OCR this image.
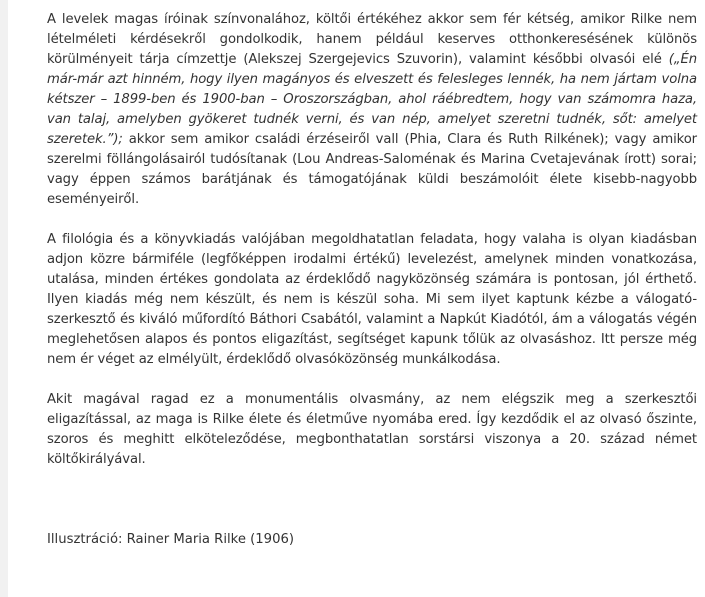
A levelek magas íróinak színvonalához, költői értékéhez akkor sem fér kétség, amikor Rilke nem lételméleti kérdésekről gondolkodik, hanem például keserves otthonkeresésének különös körülményeit tárja címzettje (Alekszej Szergejevics Szuvorin), valamint későbbi olvasói elé („Én már-már azt hinném, hogy ilyen magányos és elveszett és felesleges lennék, ha nem jártam volna kétszer – 1899-ben és 1900-ban – Oroszországban, ahol ráébredtem, hogy van számomra haza, van talaj, amelyben gyökeret tudnék verni, és van nép, amelyet szeretni tudnék, sőt: amelyet szeretek.”); akkor sem amikor családi érzéseiről vall (Phia, Clara és Ruth Rilkének); vagy amikor szerelmi föllángolásairól tudósítanak (Lou Andreas-Saloménak és Marina Cvetajevának írott) sorai; vagy éppen számos barátjának és támogatójának küldi beszámolóit élete kisebb-nagyobb eseményeiről.

A filológia és a könyvkiadás valójában megoldhatatlan feladata, hogy valaha is olyan kiadásban adjon közre bármiféle (legfőképpen irodalmi értékű) levelezést, amelynek minden vonatkozása, utalása, minden értékes gondolata az érdeklődő nagyközönség számára is pontosan, jól érthető. Ilyen kiadás még nem készült, és nem is készül soha. Mi sem ilyet kaptunk kézbe a válogató-szerkesztő és kiváló műfordító Báthori Csabától, valamint a Napkút Kiadótól, ám a válogatás végén meglehetősen alapos és pontos eligazítást, segítséget kapunk tőlük az olvasáshoz. Itt persze még nem ér véget az elmélyült, érdeklődő olvasóközönség munkálkodása.

Akit magával ragad ez a monumentális olvasmány, az nem elégszik meg a szerkesztői eligazítással, az maga is Rilke élete és életműve nyomába ered. Így kezdődik el az olvasó őszinte, szoros és meghitt elköteleződése, megbonthatatlan sorstársi viszonya a 20. század német költőkirályával.

Illusztráció: Rainer Maria Rilke (1906)
